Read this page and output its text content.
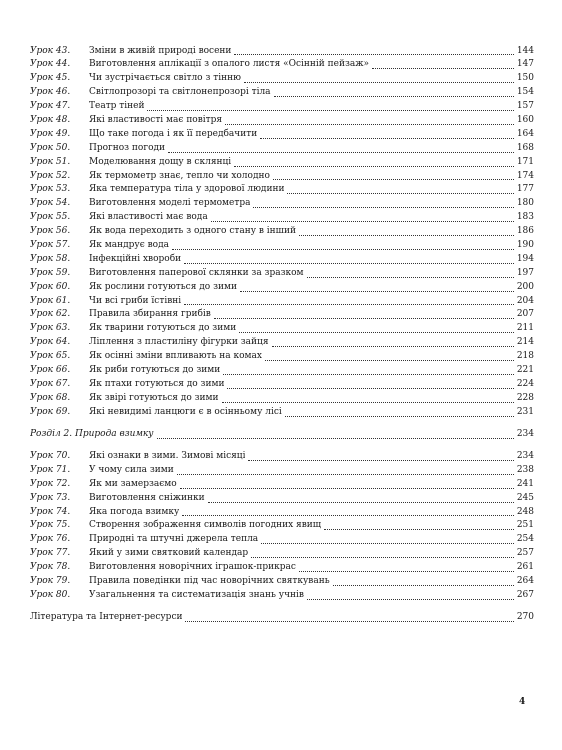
Урок 43.	Зміни в живій природі восени	144
Урок 44.	Виготовлення аплікації з опалого листя «Осінній пейзаж»	147
Урок 45.	Чи зустрічається світло з тінню	150
Урок 46.	Світлопрозорі та світлонепрозорі тіла	154
Урок 47.	Театр тіней	157
Урок 48.	Які властивості має повітря	160
Урок 49.	Що таке погода і як її передбачити	164
Урок 50.	Прогноз погоди	168
Урок 51.	Моделювання дощу в склянці	171
Урок 52.	Як термометр знає, тепло чи холодно	174
Урок 53.	Яка температура тіла у здорової людини	177
Урок 54.	Виготовлення моделі термометра	180
Урок 55.	Які властивості має вода	183
Урок 56.	Як вода переходить з одного стану в інший	186
Урок 57.	Як мандрує вода	190
Урок 58.	Інфекційні хвороби	194
Урок 59.	Виготовлення паперової склянки за зразком	197
Урок 60.	Як рослини готуються до зими	200
Урок 61.	Чи всі гриби їстівні	204
Урок 62.	Правила збирання грибів	207
Урок 63.	Як тварини готуються до зими	211
Урок 64.	Ліплення з пластиліну фігурки зайця	214
Урок 65.	Як осінні зміни впливають на комах	218
Урок 66.	Як риби готуються до зими	221
Урок 67.	Як птахи готуються до зими	224
Урок 68.	Як звірі готуються до зими	228
Урок 69.	Які невидимі ланцюги є в осінньому лісі	231
Розділ 2. Природа взимку	234
Урок 70.	Які ознаки в зими. Зимові місяці	234
Урок 71.	У чому сила зими	238
Урок 72.	Як ми замерзаємо	241
Урок 73.	Виготовлення сніжинки	245
Урок 74.	Яка погода взимку	248
Урок 75.	Створення зображення символів погодних явищ	251
Урок 76.	Природні та штучні джерела тепла	254
Урок 77.	Який у зими святковий календар	257
Урок 78.	Виготовлення новорічних іграшок-прикрас	261
Урок 79.	Правила поведінки під час новорічних святкувань	264
Урок 80.	Узагальнення та систематизація знань учнів	267
Література та Інтернет-ресурси	270
4
